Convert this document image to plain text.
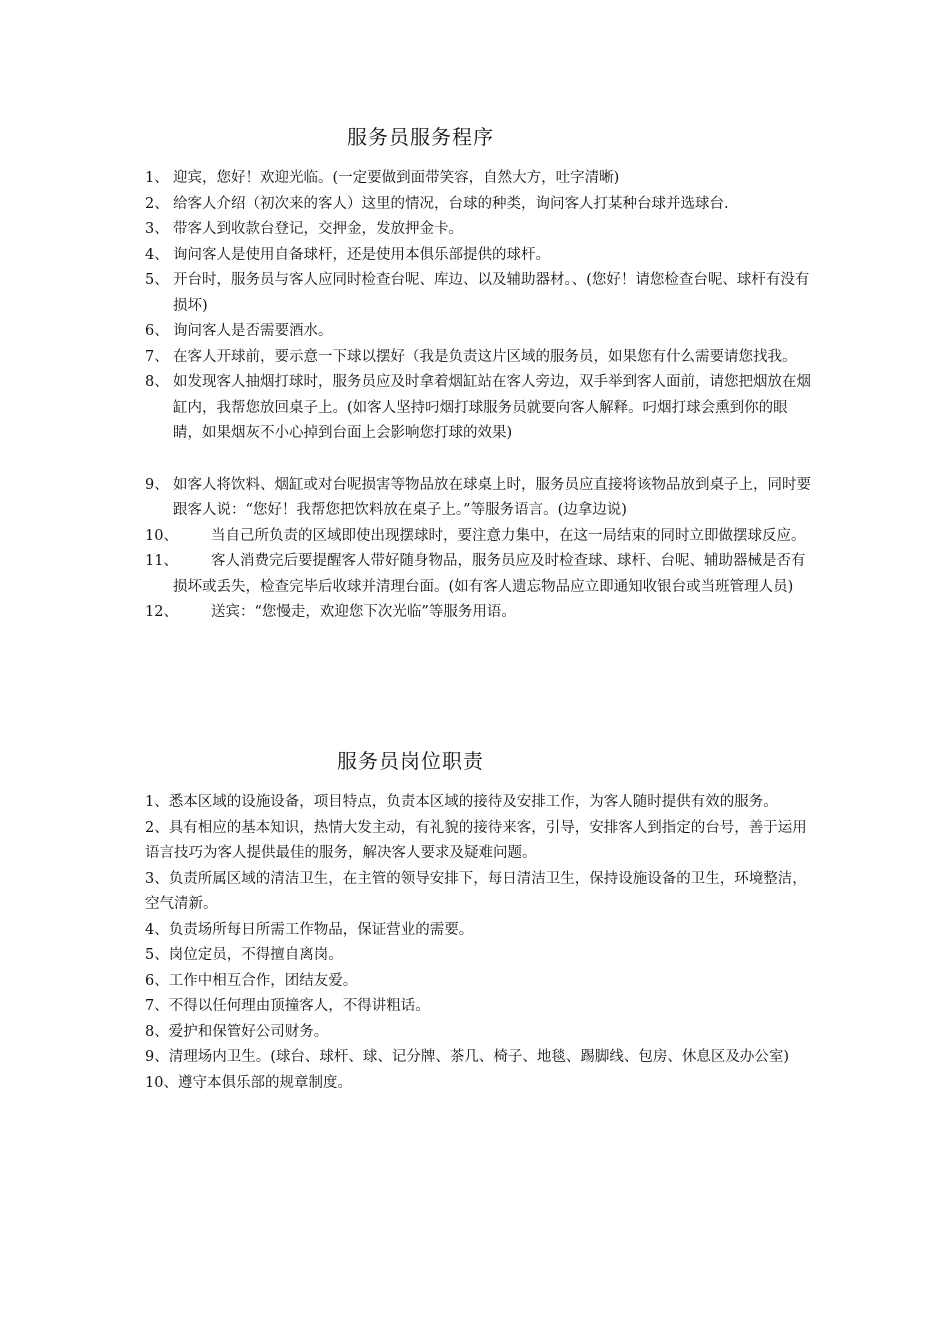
服务员服务程序
1、 迎宾，您好！欢迎光临。(一定要做到面带笑容，自然大方，吐字清晰)
2、 给客人介绍（初次来的客人）这里的情况，台球的种类，询问客人打某种台球并选球台.
3、 带客人到收款台登记，交押金，发放押金卡。
4、 询问客人是使用自备球杆，还是使用本俱乐部提供的球杆。
5、 开台时，服务员与客人应同时检查台呢、库边、以及辅助器材。、(您好！请您检查台呢、球杆有没有损坏)
6、 询问客人是否需要酒水。
7、 在客人开球前，要示意一下球以摆好（我是负责这片区域的服务员，如果您有什么需要请您找我。
8、 如发现客人抽烟打球时，服务员应及时拿着烟缸站在客人旁边，双手举到客人面前，请您把烟放在烟缸内，我帮您放回桌子上。(如客人坚持叼烟打球服务员就要向客人解释。叼烟打球会熏到你的眼睛，如果烟灰不小心掉到台面上会影响您打球的效果)
9、 如客人将饮料、烟缸或对台呢损害等物品放在球桌上时，服务员应直接将该物品放到桌子上，同时要跟客人说：“您好！我帮您把饮料放在桌子上。”等服务语言。(边拿边说)
10、	当自己所负责的区域即使出现摆球时，要注意力集中，在这一局结束的同时立即做摆球反应。
11、	客人消费完后要提醒客人带好随身物品，服务员应及时检查球、球杆、台呢、辅助器械是否有损坏或丢失，检查完毕后收球并清理台面。(如有客人遗忘物品应立即通知收银台或当班管理人员)
12、	送宾：“您慢走，欢迎您下次光临”等服务用语。
服务员岗位职责
1、悉本区域的设施设备，项目特点，负责本区域的接待及安排工作，为客人随时提供有效的服务。
2、具有相应的基本知识，热情大发主动，有礼貌的接待来客，引导，安排客人到指定的台号，善于运用语言技巧为客人提供最佳的服务，解决客人要求及疑难问题。
3、负责所属区域的清洁卫生，在主管的领导安排下，每日清洁卫生，保持设施设备的卫生，环境整洁，空气清新。
4、负责场所每日所需工作物品，保证营业的需要。
5、岗位定员，不得擅自离岗。
6、工作中相互合作，团结友爱。
7、不得以任何理由顶撞客人，不得讲粗话。
8、爱护和保管好公司财务。
9、清理场内卫生。(球台、球杆、球、记分牌、茶几、椅子、地毯、踢脚线、包房、休息区及办公室)
10、遵守本俱乐部的规章制度。
